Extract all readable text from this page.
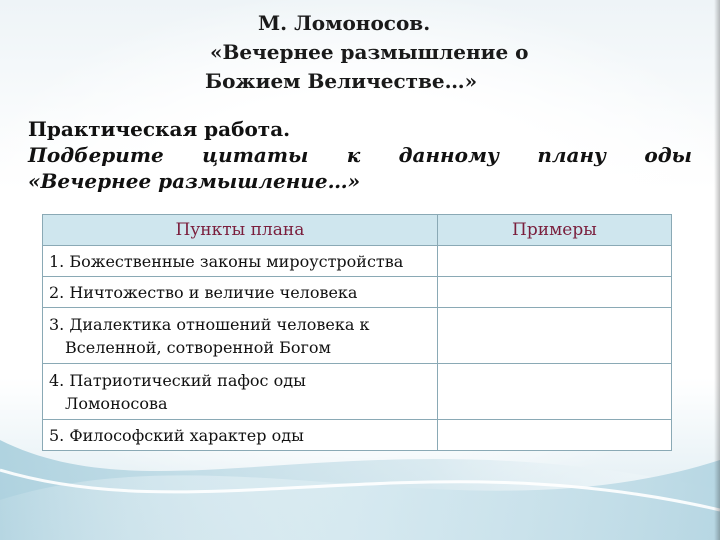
М. Ломоносов.
«Вечернее размышление о
Божием Величестве…»
Практическая работа.
Подберите цитаты к данному плану оды
«Вечернее размышление…»
Пункты плана	Примеры
1. Божественные законы мироустройства	
2. Ничтожество и величие человека	
3. Диалектика отношений человека к

Вселенной, сотворенной Богом	

4. Патриотический пафос оды

Ломоносова	

5. Философский характер оды	
